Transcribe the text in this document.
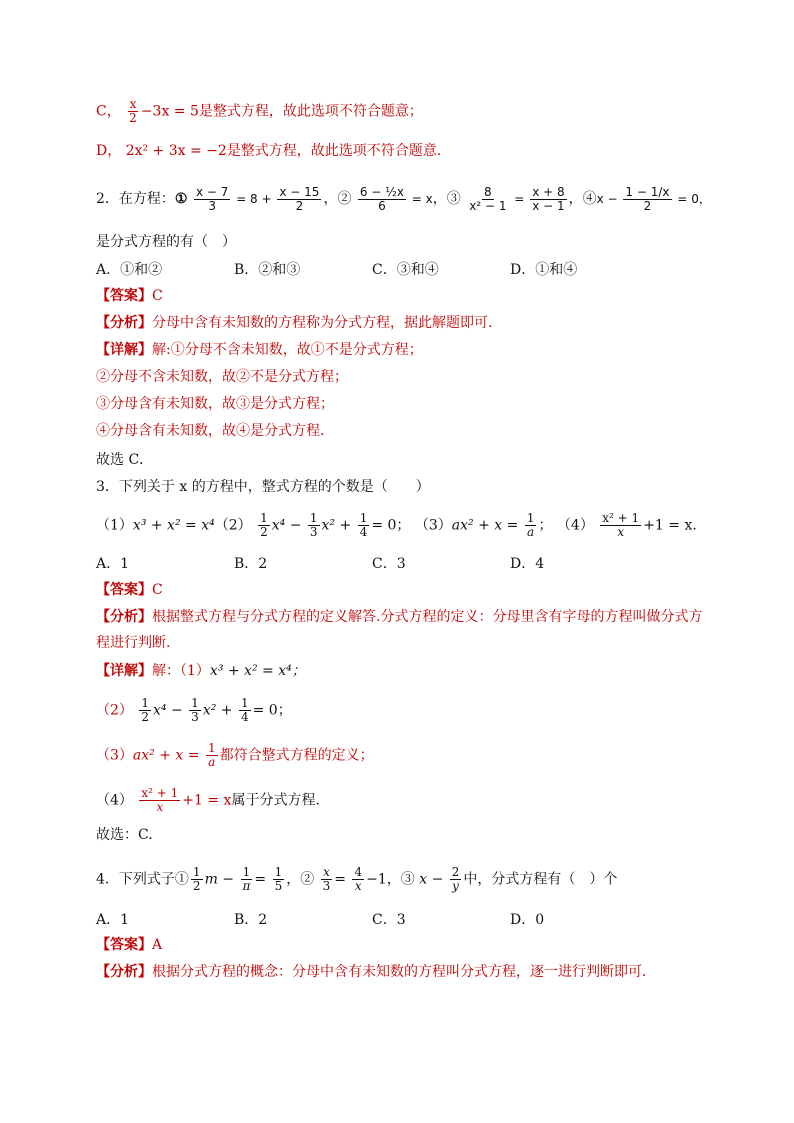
C， $\frac{x}{2} -3x = 5$是整式方程，故此选项不符合题意；
D， 2x² + 3x = −2是整式方程，故此选项不符合题意.
2．在方程：① $\frac{x - 7}{3} = 8 + \frac{x - 15}{2}$ ，② $\frac{\text{6 − ½x}}{6} = x$，③ $\frac{8}{\text{x² − 1}} = \frac{x + 8}{x - 1}$ ，④x − $\frac{1 - 1/x}{2} = 0$，
是分式方程的有（　）
A．①和②	B．②和③	C．③和④	D．①和④
【答案】C
【分析】分母中含有未知数的方程称为分式方程，据此解题即可．
【详解】解:①分母不含未知数，故①不是分式方程；
②分母不含未知数，故②不是分式方程；
③分母含有未知数，故③是分式方程；
④分母含有未知数，故④是分式方程．
故选 C．
3．下列关于 x 的方程中，整式方程的个数是（　　）
$(1)x^3 + x^2 = x^4(2) \frac{1}{2} x^4 - \frac{1}{3} x^2 + \frac{1}{4} = 0$； $(3)ax^2 + x = \frac{1}{a}$ ； $(4) \frac{\text{x² + 1}}{x} +1 = x$.
A．1	B．2	C．3	D．4
【答案】C
【分析】根据整式方程与分式方程的定义解答.分式方程的定义：分母里含有字母的方程叫做分式方
程进行判断.
【详解】解：（1）x³ + x² = x⁴；
$(2) \frac{1}{2} x^4 - \frac{1}{3} x^2 + \frac{1}{4} = 0$；
$(3)ax^2 + x = \frac{1}{a}$ 都符合整式方程的定义；
$(4) \frac{\text{x² + 1}}{x} +1 = x$属于分式方程.
故选：C.
4．下列式子① $\frac{1}{2}$ $m - \frac{1}{\pi} = \frac{1}{5}$ ，② $\frac{x}{3} = \frac{4}{x} -1$，③ $x - \frac{2}{y}$ 中，分式方程有（　）个
A．1	B．2	C．3	D．0
【答案】A
【分析】根据分式方程的概念：分母中含有未知数的方程叫分式方程，逐一进行判断即可．
